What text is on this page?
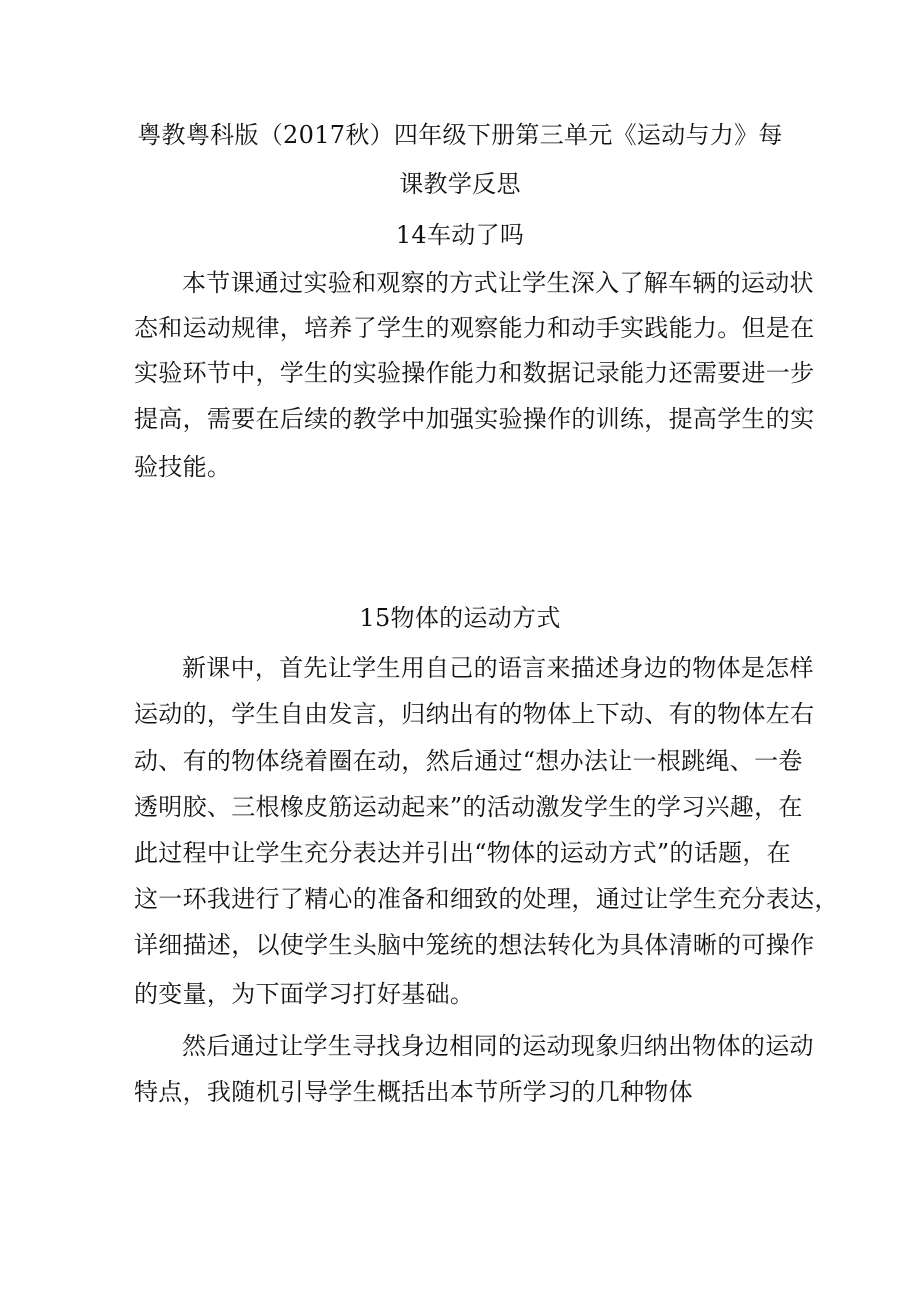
粤教粤科版（2017秋）四年级下册第三单元《运动与力》每
课教学反思
14车动了吗
本节课通过实验和观察的方式让学生深入了解车辆的运动状
态和运动规律，培养了学生的观察能力和动手实践能力。但是在
实验环节中，学生的实验操作能力和数据记录能力还需要进一步
提高，需要在后续的教学中加强实验操作的训练，提高学生的实
验技能。
15物体的运动方式
新课中，首先让学生用自己的语言来描述身边的物体是怎样
运动的，学生自由发言，归纳出有的物体上下动、有的物体左右
动、有的物体绕着圈在动，然后通过“想办法让一根跳绳、一卷
透明胶、三根橡皮筋运动起来”的活动激发学生的学习兴趣，在
此过程中让学生充分表达并引出“物体的运动方式”的话题，在
这一环我进行了精心的准备和细致的处理，通过让学生充分表达，
详细描述，以使学生头脑中笼统的想法转化为具体清晰的可操作
的变量，为下面学习打好基础。
然后通过让学生寻找身边相同的运动现象归纳出物体的运动
特点，我随机引导学生概括出本节所学习的几种物体
